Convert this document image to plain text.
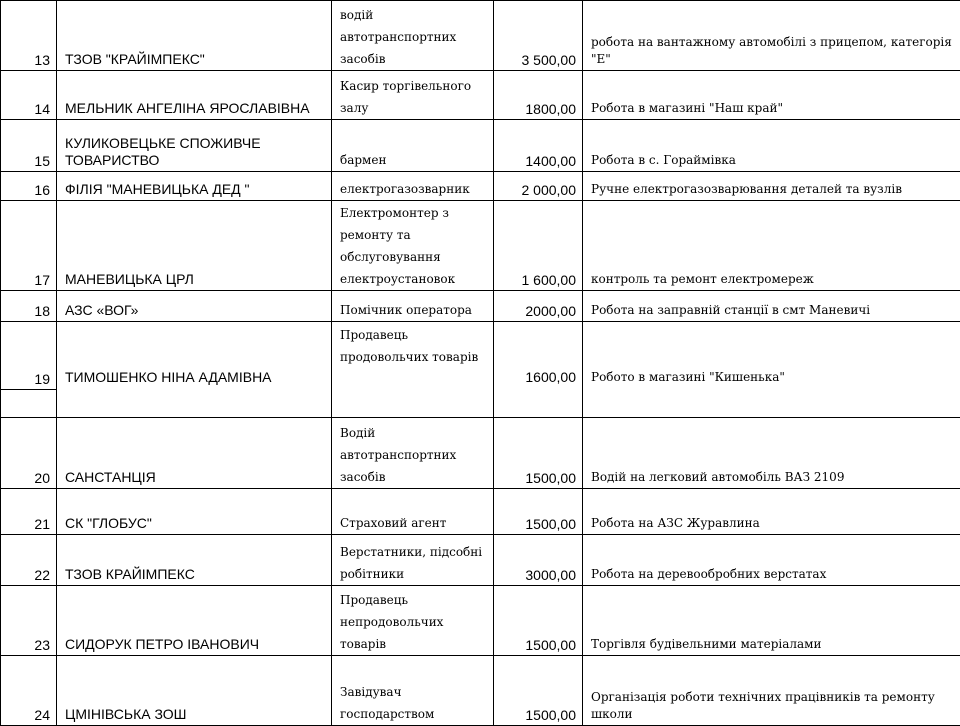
13	ТЗОВ "КРАЙІМПЕКС"	водій автотранспортних засобів	3 500,00	робота на вантажному автомобілі з прицепом, категорія "Е"
14	МЕЛЬНИК АНГЕЛІНА ЯРОСЛАВІВНА	Касир торгівельного залу	1800,00	Робота в магазині "Наш край"
15	КУЛИКОВЕЦЬКЕ СПОЖИВЧЕ ТОВАРИСТВО	бармен	1400,00	Робота в с. Гораймівка
16	ФІЛІЯ "МАНЕВИЦЬКА ДЕД "	електрогазозварник	2 000,00	Ручне електрогазозварювання деталей та вузлів
17	МАНЕВИЦЬКА ЦРЛ	Електромонтер з ремонту та обслуговування електроустановок	1 600,00	контроль та ремонт електромереж
18	АЗС «ВОГ»	Помічник оператора	2000,00	Робота на заправній станції в смт Маневичі
19	ТИМОШЕНКО НІНА АДАМІВНА	Продавець продовольчих товарів	1600,00	Робото в магазині "Кишенька"

20	САНСТАНЦІЯ	Водій автотранспортних засобів	1500,00	Водій на легковий автомобіль ВАЗ 2109
21	СК "ГЛОБУС"	Страховий агент	1500,00	Робота на АЗС Журавлина
22	ТЗОВ КРАЙІМПЕКС	Верстатники, підсобні робітники	3000,00	Робота на деревообробних верстатах
23	СИДОРУК ПЕТРО ІВАНОВИЧ	Продавець непродовольчих товарів	1500,00	Торгівля будівельними матеріалами
24	ЦМІНІВСЬКА ЗОШ	Завідувач господарством	1500,00	Організація роботи технічних працівників та ремонту школи
